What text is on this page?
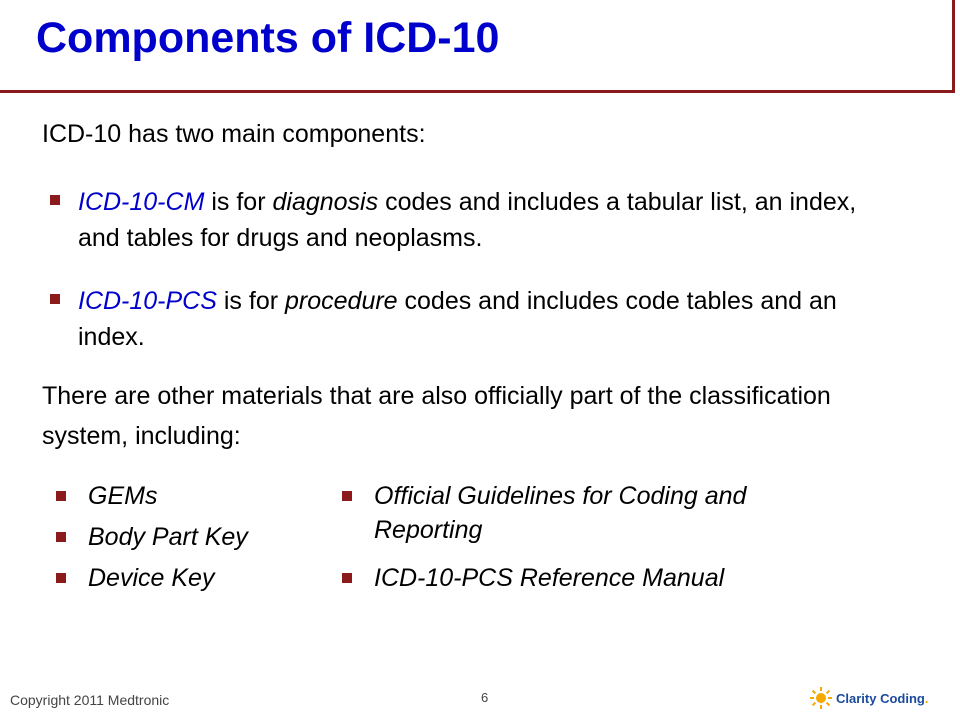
Components of ICD-10
ICD-10 has two main components:
ICD-10-CM is for diagnosis codes and includes a tabular list, an index, and tables for drugs and neoplasms.
ICD-10-PCS is for procedure codes and includes code tables and an index.
There are other materials that are also officially part of the classification system, including:
GEMs
Body Part Key
Device Key
Official Guidelines for Coding and Reporting
ICD-10-PCS Reference Manual
Copyright 2011 Medtronic	6	Clarity Coding.
